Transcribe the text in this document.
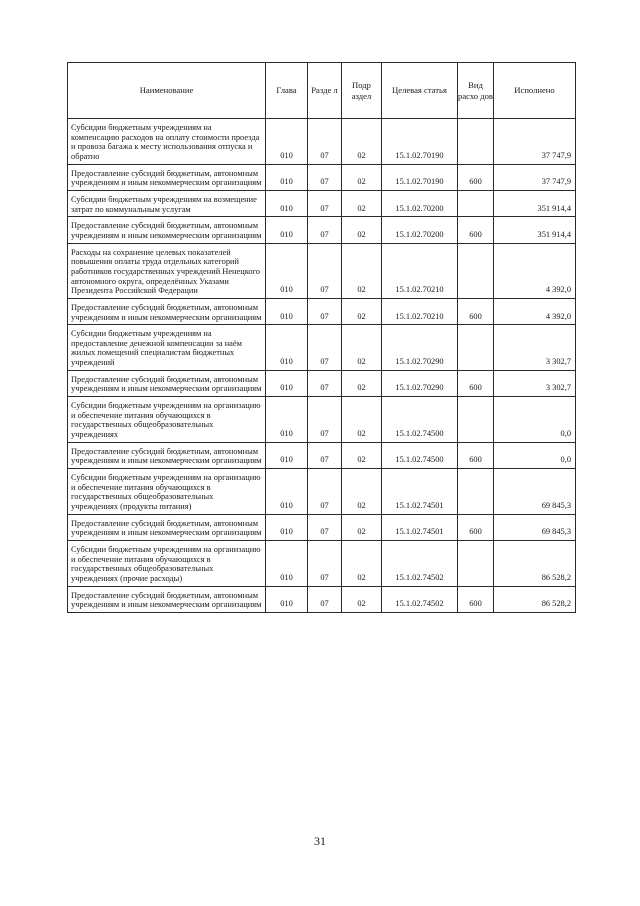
Наименование	Глава	Разде л	Подр аздел	Целевая статья	Вид расхо дов	Исполнено
Субсидии бюджетным учреждениям на компенсацию расходов на оплату стоимости проезда и провоза багажа к месту использования отпуска и обратно	010	07	02	15.1.02.70190		37 747,9
Предоставление субсидий бюджетным, автономным учреждениям и иным некоммерческим организациям	010	07	02	15.1.02.70190	600	37 747,9
Субсидии бюджетным учреждениям на возмещение затрат по коммунальным услугам	010	07	02	15.1.02.70200		351 914,4
Предоставление субсидий бюджетным, автономным учреждениям и иным некоммерческим организациям	010	07	02	15.1.02.70200	600	351 914,4
Расходы на сохранение целевых показателей повышения оплаты труда отдельных категорий работников государственных учреждений Ненецкого автономного округа, определённых Указами Президента Российской Федерации	010	07	02	15.1.02.70210		4 392,0
Предоставление субсидий бюджетным, автономным учреждениям и иным некоммерческим организациям	010	07	02	15.1.02.70210	600	4 392,0
Субсидии бюджетным учреждениям на предоставление денежной компенсации за наём жилых помещений специалистам бюджетных учреждений	010	07	02	15.1.02.70290		3 302,7
Предоставление субсидий бюджетным, автономным учреждениям и иным некоммерческим организациям	010	07	02	15.1.02.70290	600	3 302,7
Субсидии бюджетным учреждениям на организацию и обеспечение питания обучающихся в государственных общеобразовательных учреждениях	010	07	02	15.1.02.74500		0,0
Предоставление субсидий бюджетным, автономным учреждениям и иным некоммерческим организациям	010	07	02	15.1.02.74500	600	0,0
Субсидии бюджетным учреждениям на организацию и обеспечение питания обучающихся в государственных общеобразовательных учреждениях (продукты питания)	010	07	02	15.1.02.74501		69 845,3
Предоставление субсидий бюджетным, автономным учреждениям и иным некоммерческим организациям	010	07	02	15.1.02.74501	600	69 845,3
Субсидии бюджетным учреждениям на организацию и обеспечение питания обучающихся в государственных общеобразовательных учреждениях (прочие расходы)	010	07	02	15.1.02.74502		86 528,2
Предоставление субсидий бюджетным, автономным учреждениям и иным некоммерческим организациям	010	07	02	15.1.02.74502	600	86 528,2
31
